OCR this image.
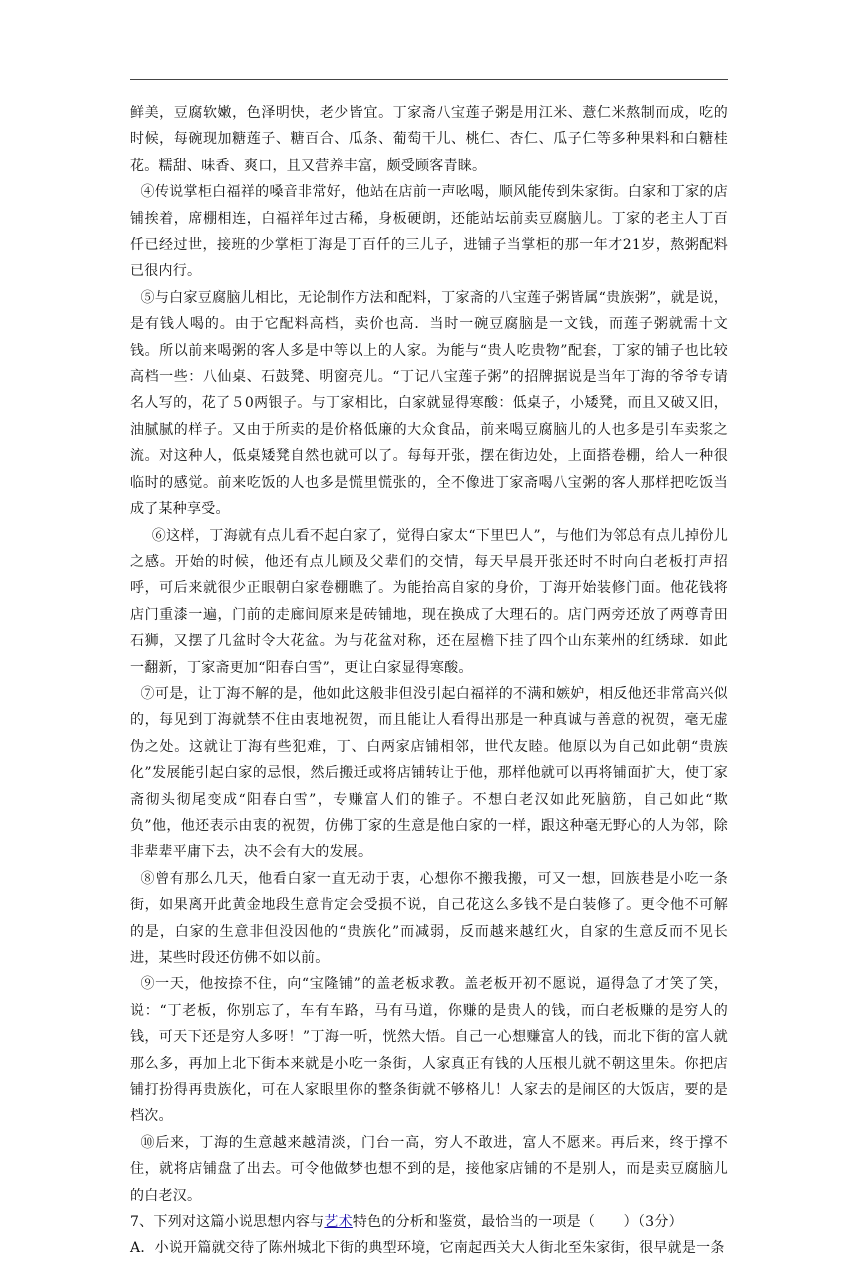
鲜美，豆腐软嫩，色泽明快，老少皆宜。丁家斋八宝莲子粥是用江米、薏仁米熬制而成，吃的时候，每碗现加糖莲子、糖百合、瓜条、葡萄干儿、桃仁、杏仁、瓜子仁等多种果料和白糖桂花。糯甜、味香、爽口，且又营养丰富，颇受顾客青睐。

④传说掌柜白福祥的嗓音非常好，他站在店前一声吆喝，顺风能传到朱家街。白家和丁家的店铺挨着，席棚相连，白福祥年过古稀，身板硬朗，还能站坛前卖豆腐脑儿。丁家的老主人丁百仟已经过世，接班的少掌柜丁海是丁百仟的三儿子，进铺子当掌柜的那一年才21岁，熬粥配料已很内行。

⑤与白家豆腐脑儿相比，无论制作方法和配料，丁家斋的八宝莲子粥皆属“贵族粥”，就是说，是有钱人喝的。由于它配料高档，卖价也高．当时一碗豆腐脑是一文钱，而莲子粥就需十文钱。所以前来喝粥的客人多是中等以上的人家。为能与“贵人吃贵物”配套，丁家的铺子也比较高档一些：八仙桌、石鼓凳、明窗亮儿。“丁记八宝莲子粥”的招牌据说是当年丁海的爷爷专请名人写的，花了５0两银子。与丁家相比，白家就显得寒酸：低桌子，小矮凳，而且又破又旧，油腻腻的样子。又由于所卖的是价格低廉的大众食品，前来喝豆腐脑儿的人也多是引车卖浆之流。对这种人，低桌矮凳自然也就可以了。每每开张，摆在街边处，上面搭卷棚，给人一种很临时的感觉。前来吃饭的人也多是慌里慌张的，全不像进丁家斋喝八宝粥的客人那样把吃饭当成了某种享受。

⑥这样，丁海就有点儿看不起白家了，觉得白家太“下里巴人”，与他们为邻总有点儿掉份儿之感。开始的时候，他还有点儿顾及父辈们的交情，每天早晨开张还时不时向白老板打声招呼，可后来就很少正眼朝白家卷棚瞧了。为能抬高自家的身价，丁海开始装修门面。他花钱将店门重漆一遍，门前的走廊间原来是砖铺地，现在换成了大理石的。店门两旁还放了两尊青田石狮，又摆了几盆时令大花盆。为与花盆对称，还在屋檐下挂了四个山东莱州的红绣球．如此一翻新，丁家斋更加“阳春白雪”，更让白家显得寒酸。

⑦可是，让丁海不解的是，他如此这般非但没引起白福祥的不满和嫉妒，相反他还非常高兴似的，每见到丁海就禁不住由衷地祝贺，而且能让人看得出那是一种真诚与善意的祝贺，毫无虚伪之处。这就让丁海有些犯难，丁、白两家店铺相邻，世代友睦。他原以为自己如此朝“贵族化”发展能引起白家的忌恨，然后搬迁或将店铺转让于他，那样他就可以再将铺面扩大，使丁家斋彻头彻尾变成“阳春白雪”，专赚富人们的锥子。不想白老汉如此死脑筋，自己如此“欺负”他，他还表示由衷的祝贺，仿佛丁家的生意是他白家的一样，跟这种毫无野心的人为邻，除非辈辈平庸下去，决不会有大的发展。

⑧曾有那么几天，他看白家一直无动于衷，心想你不搬我搬，可又一想，回族巷是小吃一条街，如果离开此黄金地段生意肯定会受损不说，自己花这么多钱不是白装修了。更令他不可解的是，白家的生意非但没因他的“贵族化”而减弱，反而越来越红火，自家的生意反而不见长进，某些时段还仿佛不如以前。

⑨一天，他按捺不住，向“宝隆铺”的盖老板求教。盖老板开初不愿说，逼得急了才笑了笑，说：“丁老板，你别忘了，车有车路，马有马道，你赚的是贵人的钱，而白老板赚的是穷人的钱，可天下还是穷人多呀！”丁海一听，恍然大悟。自己一心想赚富人的钱，而北下街的富人就那么多，再加上北下街本来就是小吃一条街，人家真正有钱的人压根儿就不朝这里朱。你把店铺打扮得再贵族化，可在人家眼里你的整条街就不够格儿！人家去的是闹区的大饭店，要的是档次。

⑩后来，丁海的生意越来越清淡，门台一高，穷人不敢进，富人不愿来。再后来，终于撑不住，就将店铺盘了出去。可令他做梦也想不到的是，接他家店铺的不是别人，而是卖豆腐脑儿的白老汉。

7、下列对这篇小说思想内容与艺术特色的分析和鉴赏，最恰当的一项是（　　）（3分）

A．小说开篇就交待了陈州城北下街的典型环境，它南起西关大人街北至朱家街，很早就是一条
